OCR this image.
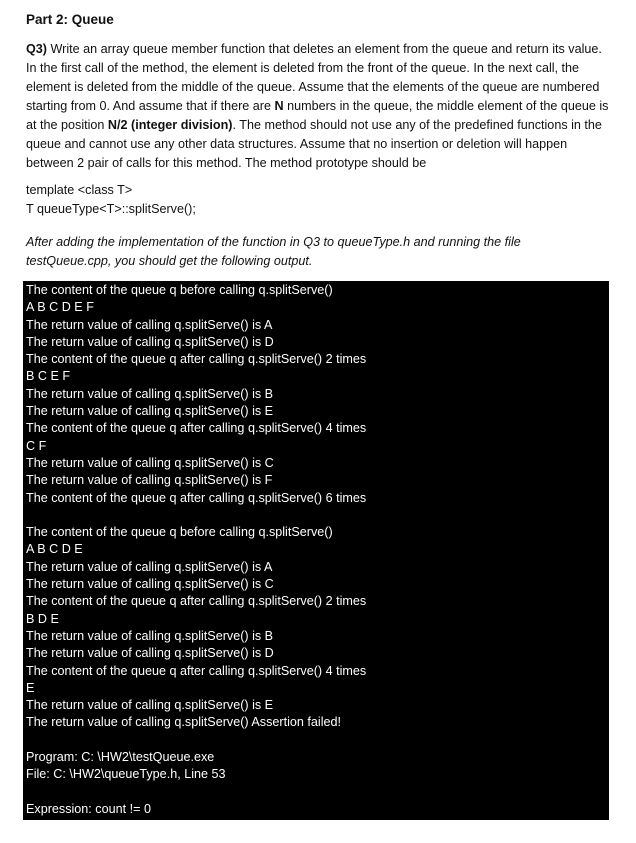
Part 2: Queue
Q3) Write an array queue member function that deletes an element from the queue and return its value. In the first call of the method, the element is deleted from the front of the queue. In the next call, the element is deleted from the middle of the queue. Assume that the elements of the queue are numbered starting from 0. And assume that if there are N numbers in the queue, the middle element of the queue is at the position N/2 (integer division). The method should not use any of the predefined functions in the queue and cannot use any other data structures. Assume that no insertion or deletion will happen between 2 pair of calls for this method. The method prototype should be
template <class T>
T queueType<T>::splitServe();
After adding the implementation of the function in Q3 to queueType.h and running the file testQueue.cpp, you should get the following output.
The content of the queue q before calling q.splitServe()
A B C D E F
The return value of calling q.splitServe() is A
The return value of calling q.splitServe() is D
The content of the queue q after calling q.splitServe() 2 times
B C E F
The return value of calling q.splitServe() is B
The return value of calling q.splitServe() is E
The content of the queue q after calling q.splitServe() 4 times
C F
The return value of calling q.splitServe() is C
The return value of calling q.splitServe() is F
The content of the queue q after calling q.splitServe() 6 times
The content of the queue q before calling q.splitServe()
A B C D E
The return value of calling q.splitServe() is A
The return value of calling q.splitServe() is C
The content of the queue q after calling q.splitServe() 2 times
B D E
The return value of calling q.splitServe() is B
The return value of calling q.splitServe() is D
The content of the queue q after calling q.splitServe() 4 times
E
The return value of calling q.splitServe() is E
The return value of calling q.splitServe() Assertion failed!
Program: C: \HW2\testQueue.exe
File: C: \HW2\queueType.h, Line 53
Expression: count != 0
